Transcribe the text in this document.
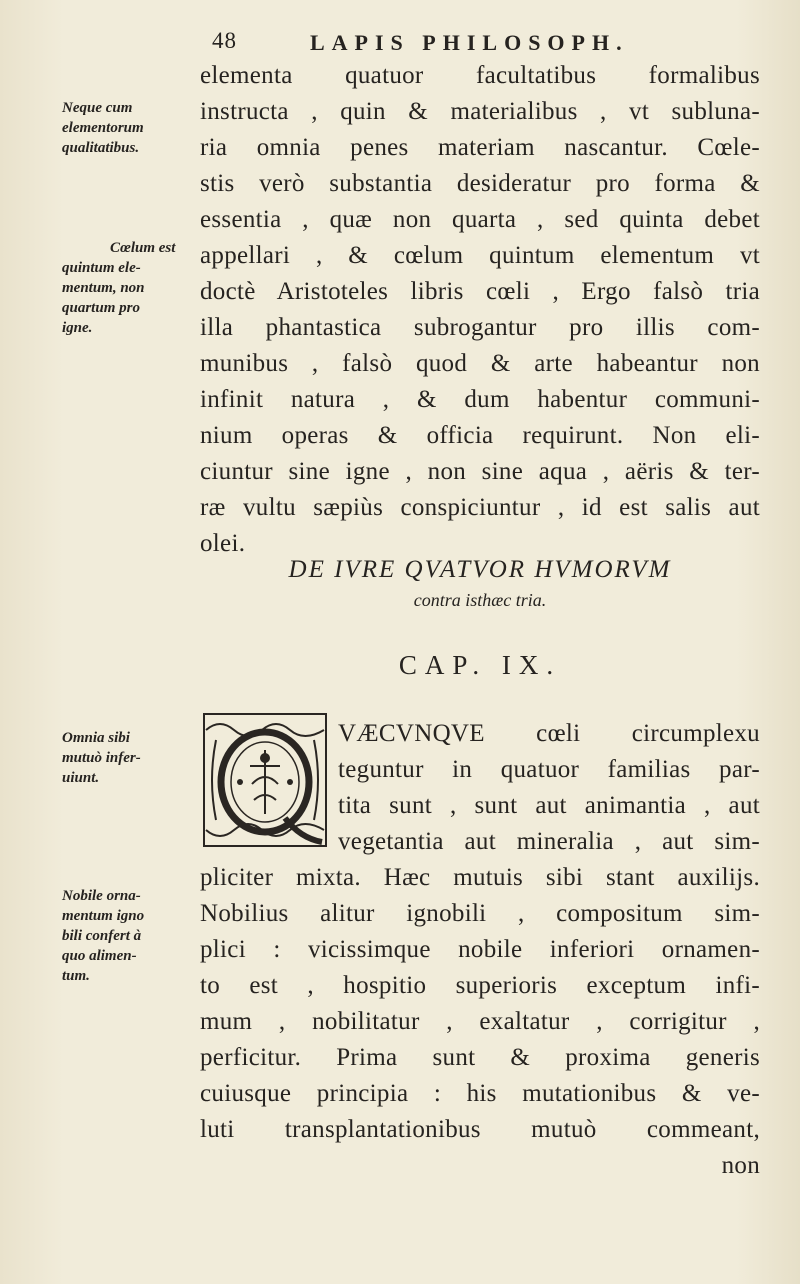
48	LAPIS PHILOSOPH.
elementa quatuor facultatibus formalibus
instructa , quin & materialibus , vt subluna-
ria omnia penes materiam nascantur. Cœle-
stis verò substantia desideratur pro forma &
essentia , quæ non quarta , sed quinta debet
appellari , & cœlum quintum elementum vt
doctè Aristoteles libris cœli , Ergo falsò tria
illa phantastica subrogantur pro illis com-
munibus , falsò quod & arte habeantur non
infinit natura , & dum habentur communi-
nium operas & officia requirunt. Non eli-
ciuntur sine igne , non sine aqua , aëris & ter-
ræ vultu sæpiùs conspiciuntur , id est salis aut
olei.
Neque cum
elementorum
qualitatibus.
Cœlum est
quintum ele-
mentum, non
quartum pro
igne.
DE IVRE QVATVOR HVMORVM
contra isthæc tria.
CAP. IX.
Omnia sibi
mutuò infer-
uiunt.
VÆCVNQVE cœli circumplexu
teguntur in quatuor familias par-
tita sunt , sunt aut animantia , aut
vegetantia aut mineralia , aut sim-
pliciter mixta. Hæc mutuis sibi stant auxilijs.
Nobilius alitur ignobili , compositum sim-
plici : vicissimque nobile inferiori ornamen-
to est , hospitio superioris exceptum infi-
mum , nobilitatur , exaltatur , corrigitur ,
perficitur. Prima sunt & proxima generis
cuiusque principia : his mutationibus & ve-
luti transplantationibus mutuò commeant,
non
Nobile orna-
mentum igno
bili confert à
quo alimen-
tum.
